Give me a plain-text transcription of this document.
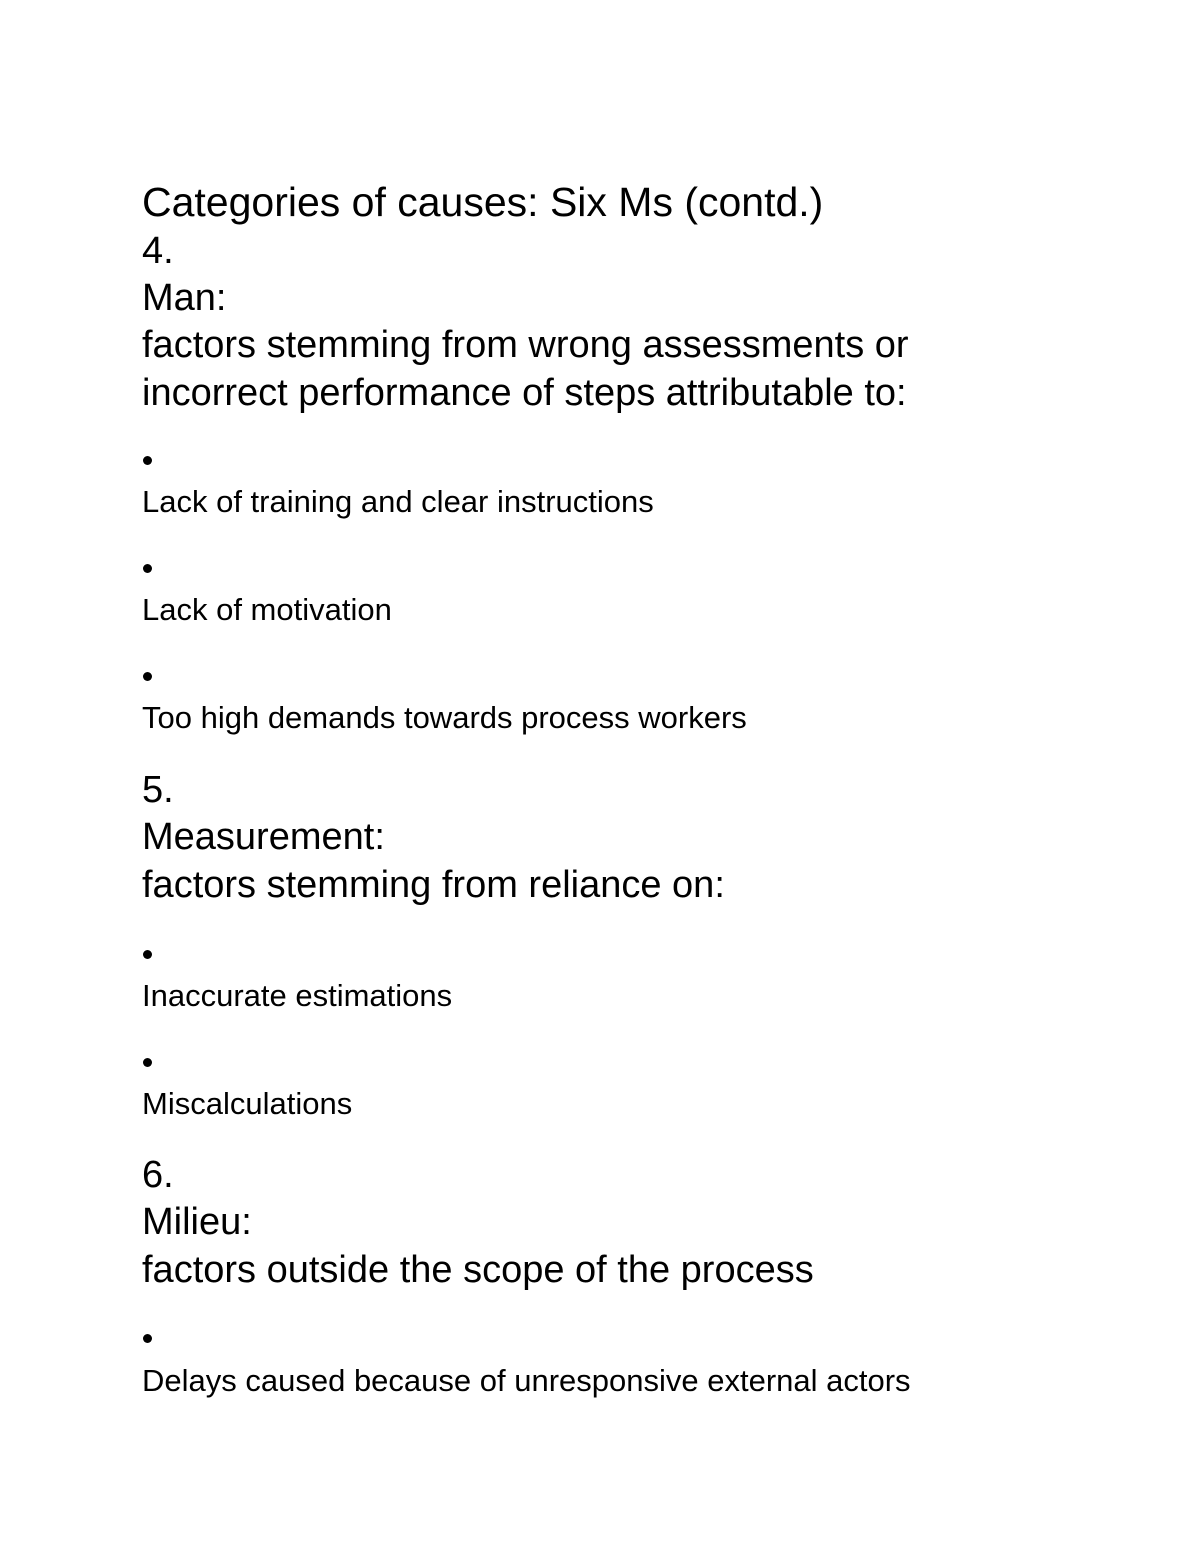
Categories of causes: Six Ms (contd.)
4.
Man:
factors stemming from wrong assessments or
incorrect performance of steps attributable to:
Lack of training and clear instructions
Lack of motivation
Too high demands towards process workers
5.
Measurement:
factors stemming from reliance on:
Inaccurate estimations
Miscalculations
6.
Milieu:
factors outside the scope of the process
Delays caused because of unresponsive external actors
